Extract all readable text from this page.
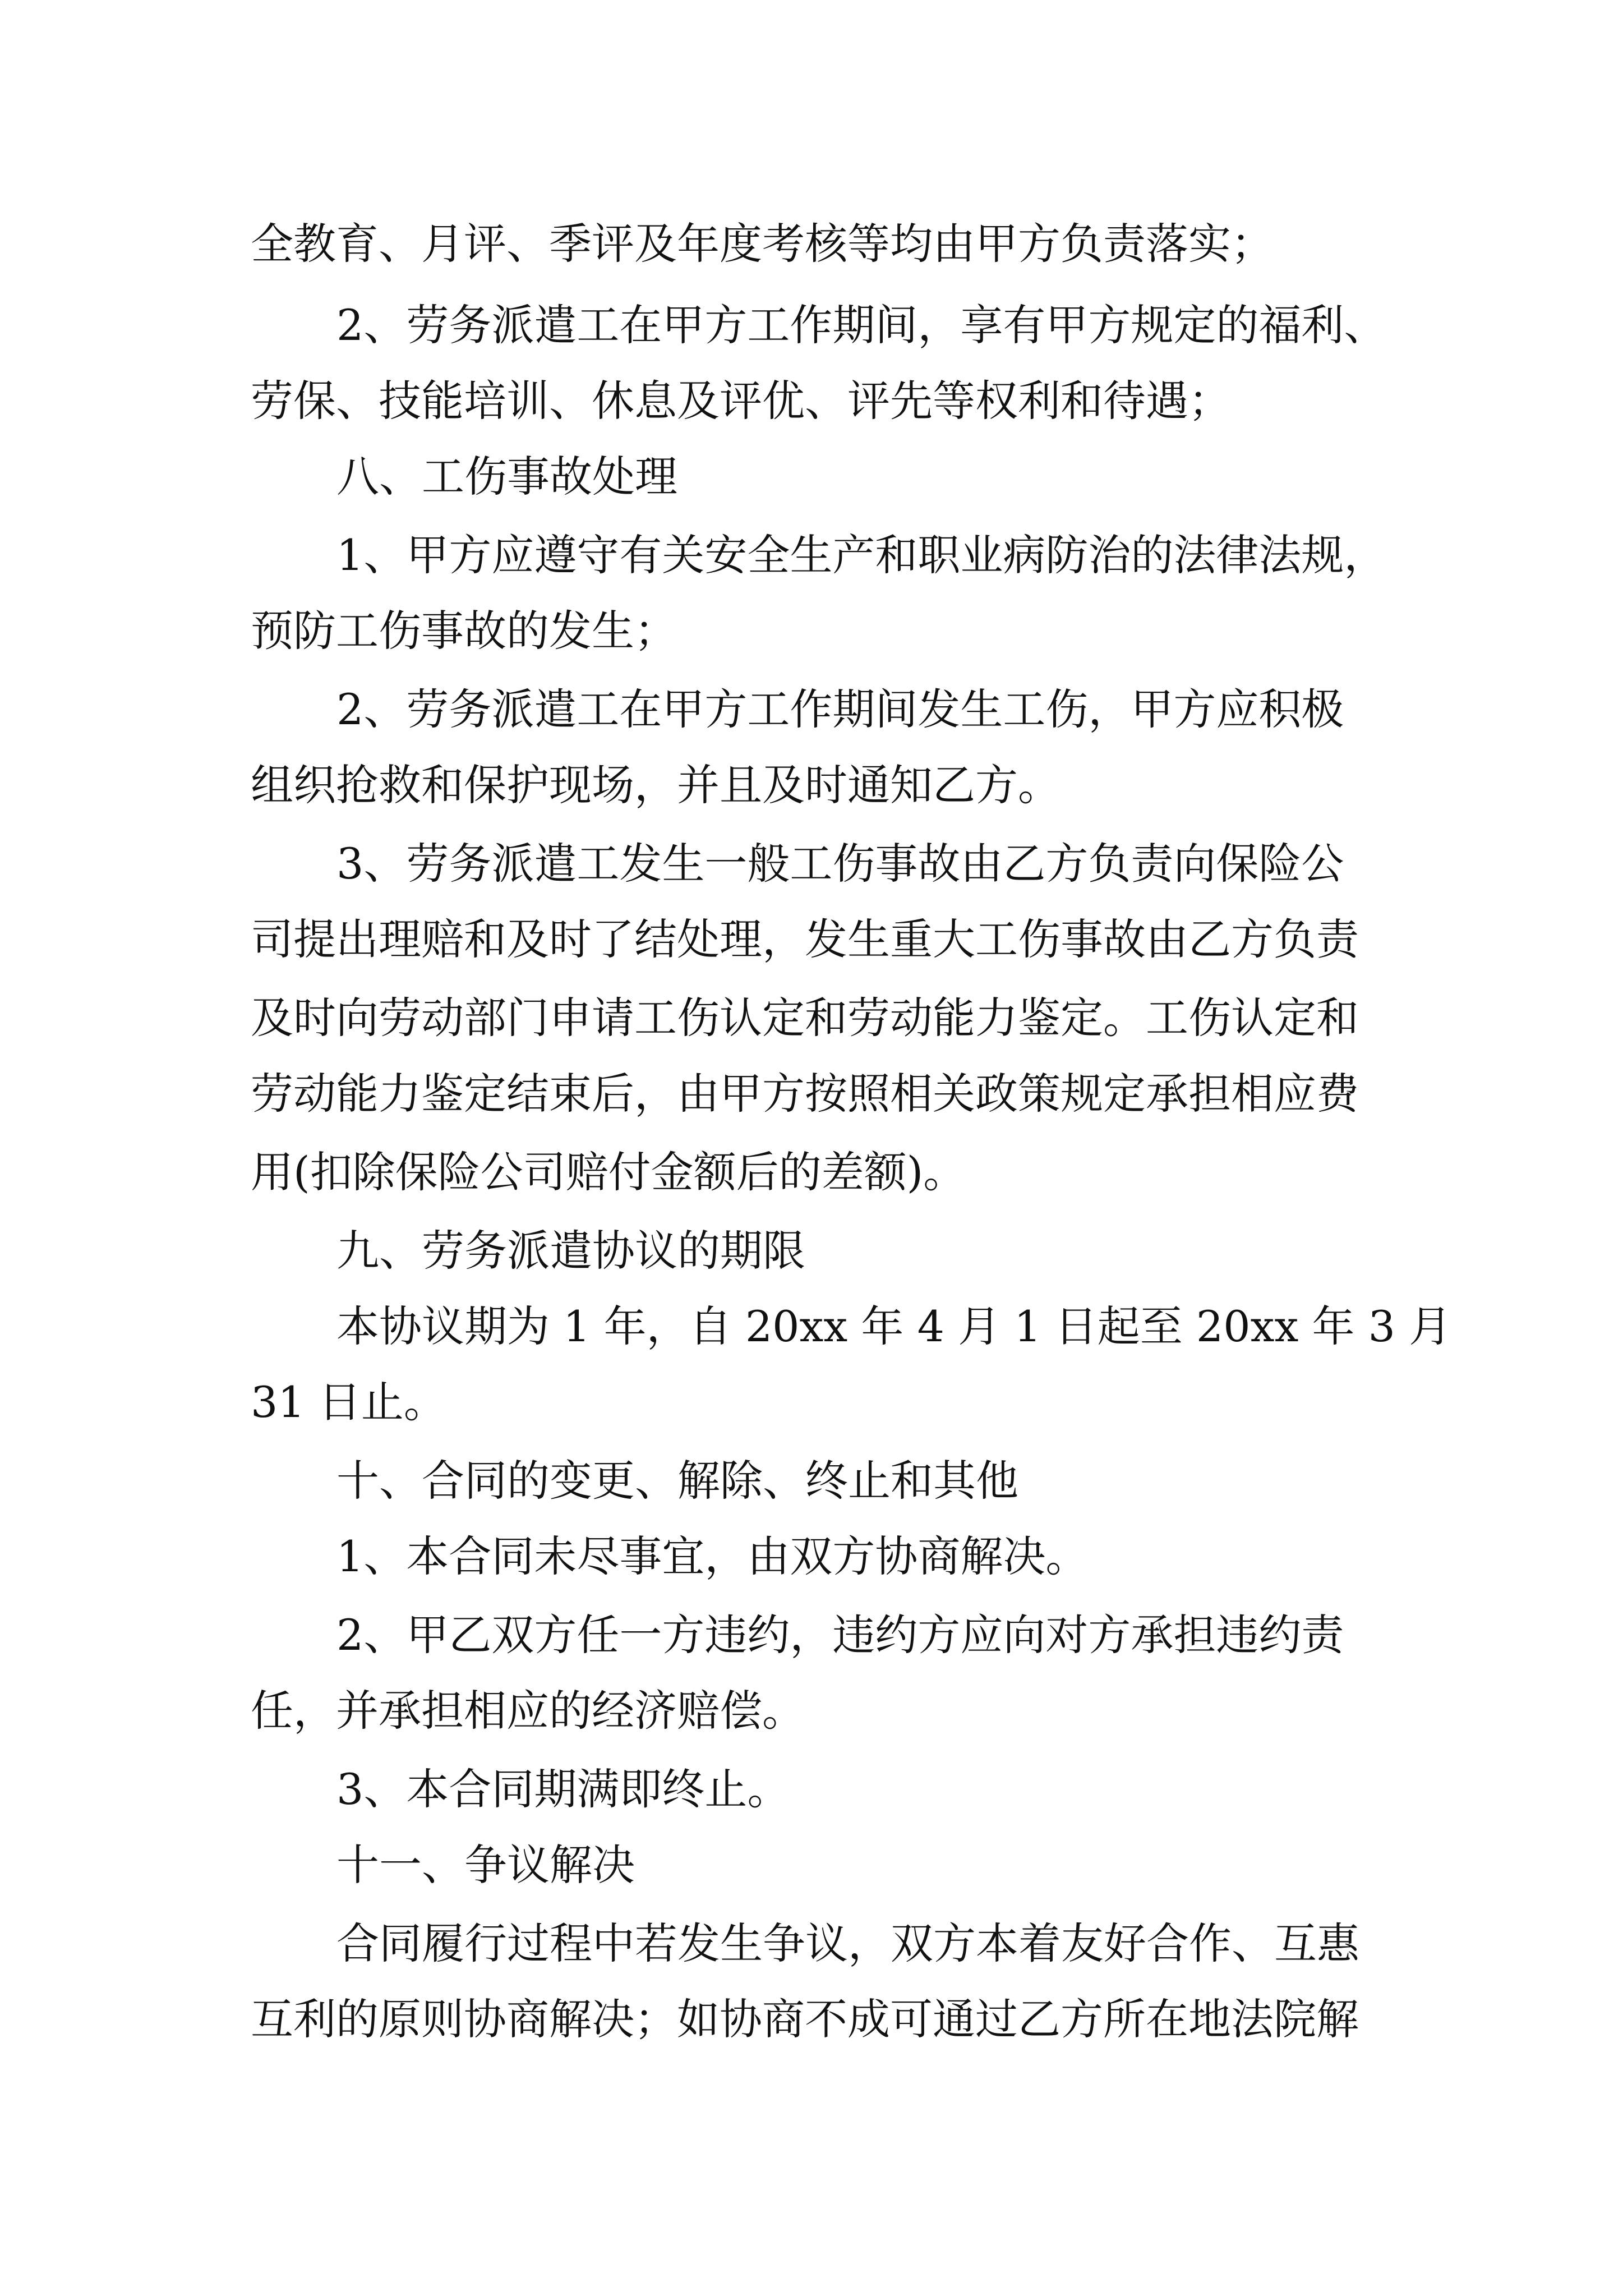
全教育、月评、季评及年度考核等均由甲方负责落实；
2、劳务派遣工在甲方工作期间，享有甲方规定的福利、
劳保、技能培训、休息及评优、评先等权利和待遇；
八、工伤事故处理
1、甲方应遵守有关安全生产和职业病防治的法律法规，
预防工伤事故的发生；
2、劳务派遣工在甲方工作期间发生工伤，甲方应积极
组织抢救和保护现场，并且及时通知乙方。
3、劳务派遣工发生一般工伤事故由乙方负责向保险公
司提出理赔和及时了结处理，发生重大工伤事故由乙方负责
及时向劳动部门申请工伤认定和劳动能力鉴定。工伤认定和
劳动能力鉴定结束后，由甲方按照相关政策规定承担相应费
用(扣除保险公司赔付金额后的差额)。
九、劳务派遣协议的期限
本协议期为 1 年，自 20xx 年 4 月 1 日起至 20xx 年 3 月
31 日止。
十、合同的变更、解除、终止和其他
1、本合同未尽事宜，由双方协商解决。
2、甲乙双方任一方违约，违约方应向对方承担违约责
任，并承担相应的经济赔偿。
3、本合同期满即终止。
十一、争议解决
合同履行过程中若发生争议，双方本着友好合作、互惠
互利的原则协商解决；如协商不成可通过乙方所在地法院解
